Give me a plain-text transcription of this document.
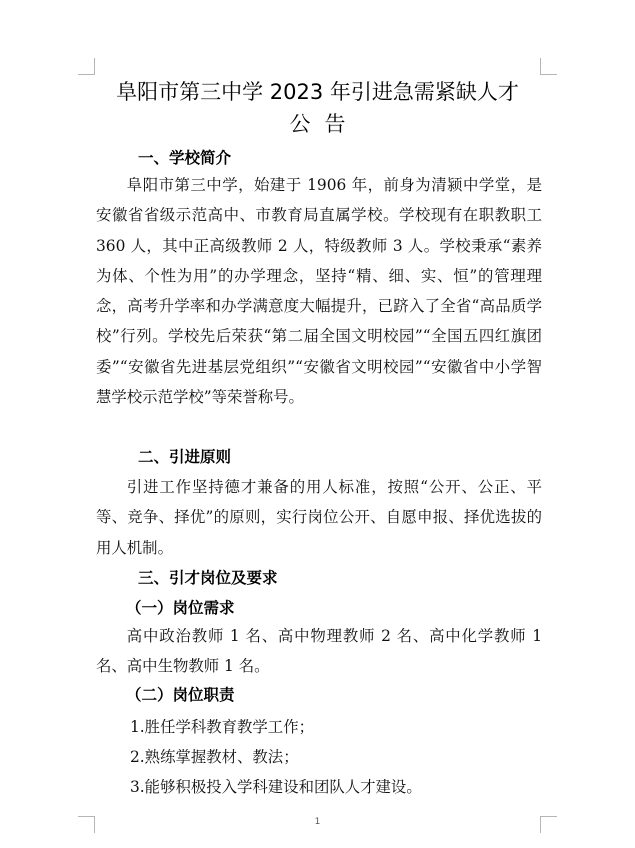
阜阳市第三中学 2023 年引进急需紧缺人才
公告
一、学校简介

阜阳市第三中学，始建于 1906 年，前身为清颍中学堂，是安徽省省级示范高中、市教育局直属学校。学校现有在职教职工 360 人，其中正高级教师 2 人，特级教师 3 人。学校秉承“素养为体、个性为用”的办学理念，坚持“精、细、实、恒”的管理理念，高考升学率和办学满意度大幅提升，已跻入了全省“高品质学校”行列。学校先后荣获“第二届全国文明校园”“全国五四红旗团委”“安徽省先进基层党组织”“安徽省文明校园”“安徽省中小学智慧学校示范学校”等荣誉称号。

二、引进原则

引进工作坚持德才兼备的用人标准，按照“公开、公正、平等、竞争、择优”的原则，实行岗位公开、自愿申报、择优选拔的用人机制。

三、引才岗位及要求
（一）岗位需求

高中政治教师 1 名、高中物理教师 2 名、高中化学教师 1 名、高中生物教师 1 名。

（二）岗位职责
1.胜任学科教育教学工作；
2.熟练掌握教材、教法；
3.能够积极投入学科建设和团队人才建设。
1
